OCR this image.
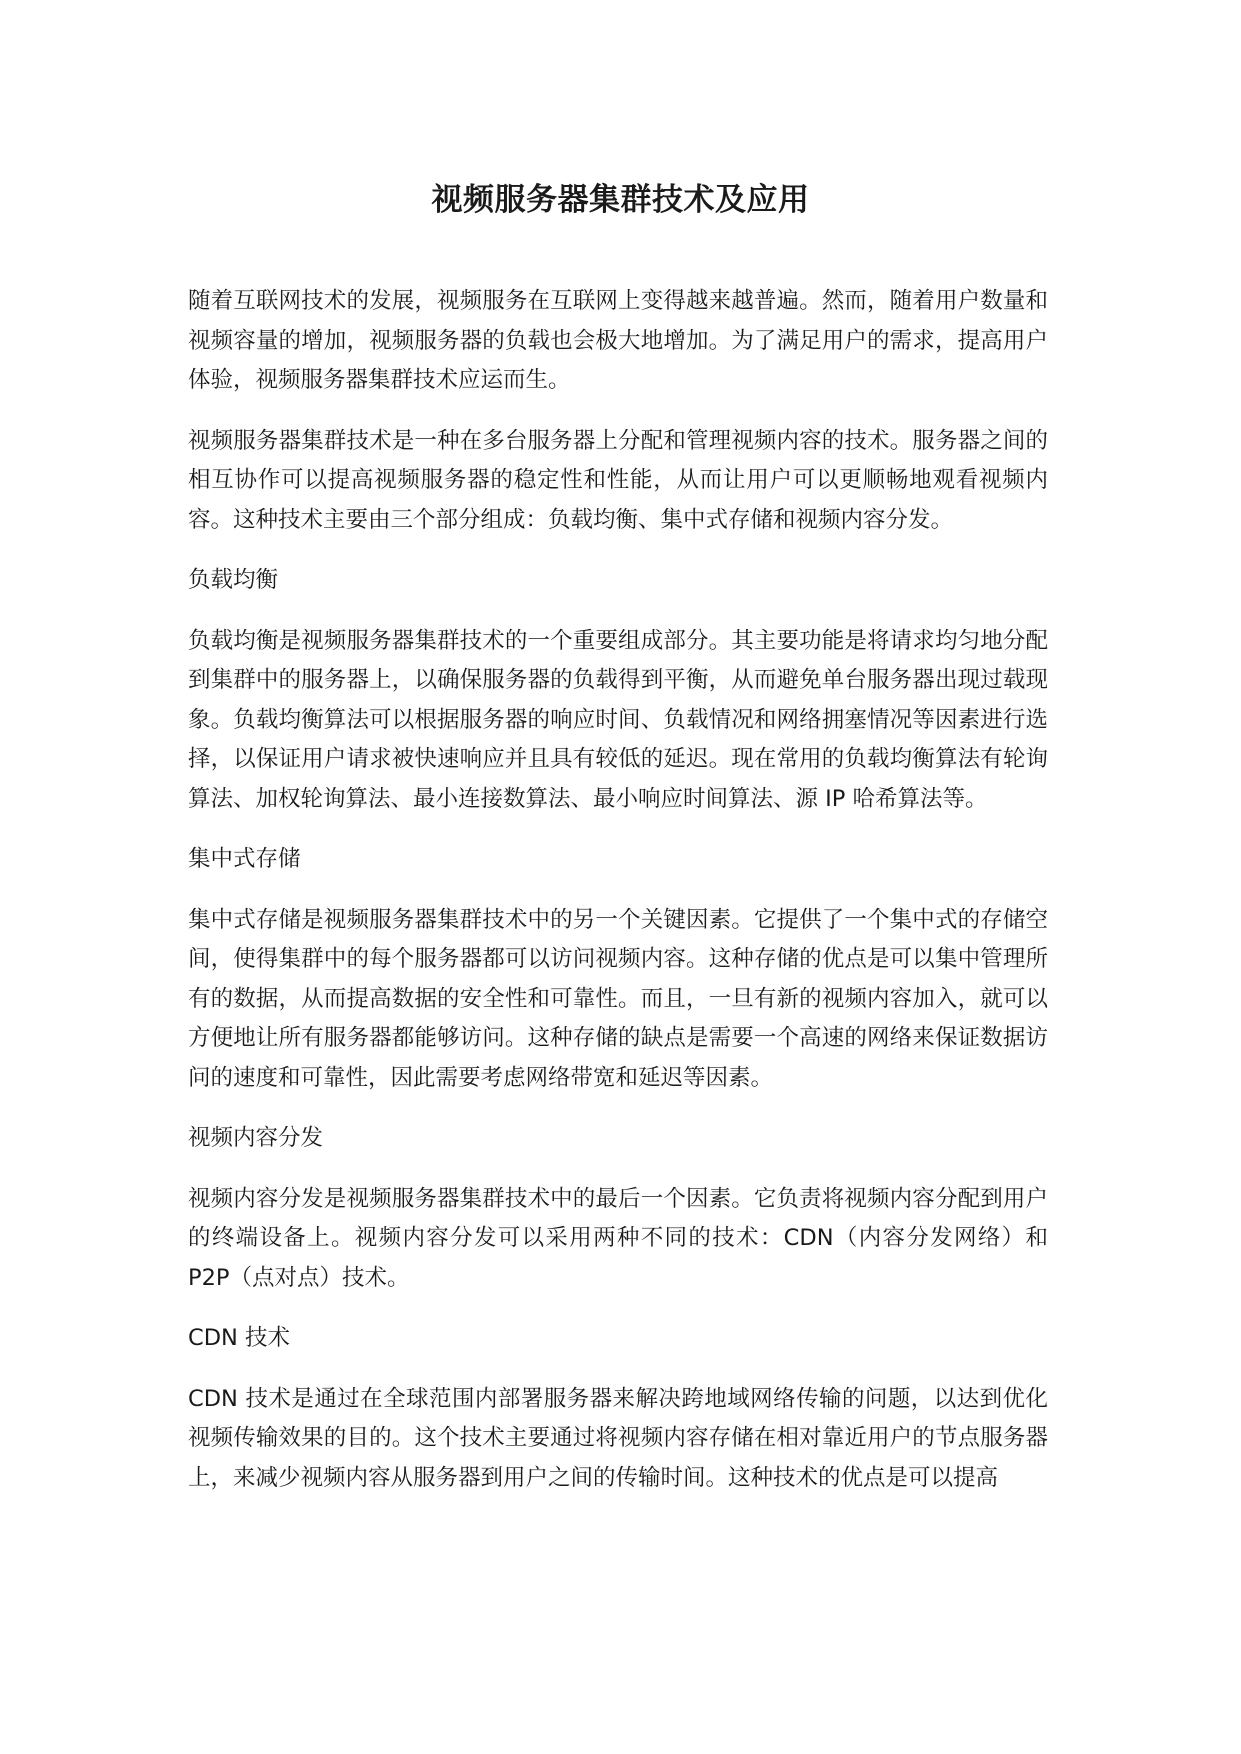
视频服务器集群技术及应用

随着互联网技术的发展，视频服务在互联网上变得越来越普遍。然而，随着用户数量和视频容量的增加，视频服务器的负载也会极大地增加。为了满足用户的需求，提高用户体验，视频服务器集群技术应运而生。

视频服务器集群技术是一种在多台服务器上分配和管理视频内容的技术。服务器之间的相互协作可以提高视频服务器的稳定性和性能，从而让用户可以更顺畅地观看视频内容。这种技术主要由三个部分组成：负载均衡、集中式存储和视频内容分发。

负载均衡

负载均衡是视频服务器集群技术的一个重要组成部分。其主要功能是将请求均匀地分配到集群中的服务器上，以确保服务器的负载得到平衡，从而避免单台服务器出现过载现象。负载均衡算法可以根据服务器的响应时间、负载情况和网络拥塞情况等因素进行选择，以保证用户请求被快速响应并且具有较低的延迟。现在常用的负载均衡算法有轮询算法、加权轮询算法、最小连接数算法、最小响应时间算法、源 IP 哈希算法等。

集中式存储

集中式存储是视频服务器集群技术中的另一个关键因素。它提供了一个集中式的存储空间，使得集群中的每个服务器都可以访问视频内容。这种存储的优点是可以集中管理所有的数据，从而提高数据的安全性和可靠性。而且，一旦有新的视频内容加入，就可以方便地让所有服务器都能够访问。这种存储的缺点是需要一个高速的网络来保证数据访问的速度和可靠性，因此需要考虑网络带宽和延迟等因素。

视频内容分发

视频内容分发是视频服务器集群技术中的最后一个因素。它负责将视频内容分配到用户的终端设备上。视频内容分发可以采用两种不同的技术：CDN（内容分发网络）和 P2P（点对点）技术。

CDN 技术

CDN 技术是通过在全球范围内部署服务器来解决跨地域网络传输的问题，以达到优化视频传输效果的目的。这个技术主要通过将视频内容存储在相对靠近用户的节点服务器上，来减少视频内容从服务器到用户之间的传输时间。这种技术的优点是可以提高
